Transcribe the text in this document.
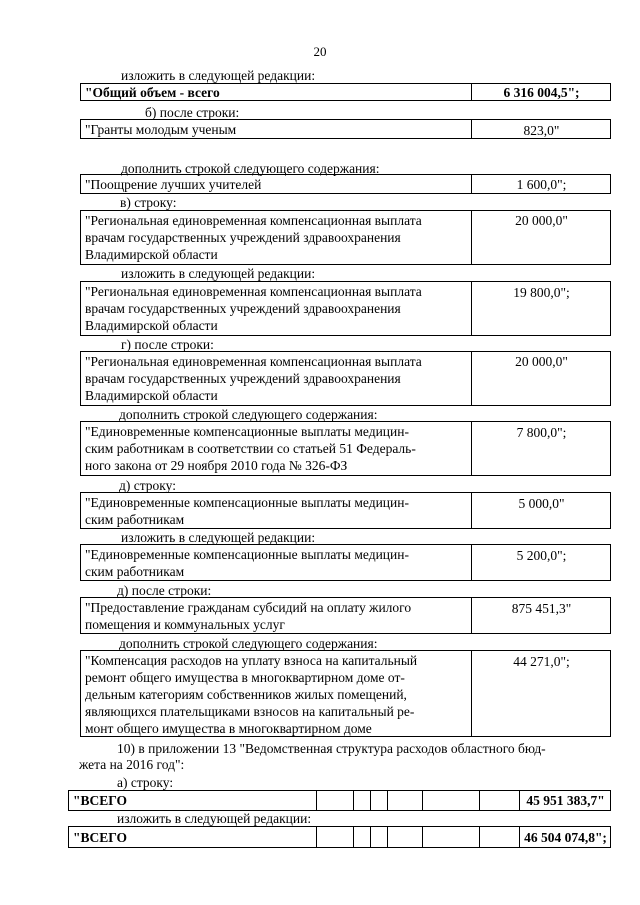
20
изложить в следующей редакции:
"Общий объем - всего	6 316 004,5";
б) после строки:
"Гранты молодым ученым	823,0"
дополнить строкой следующего содержания:
"Поощрение лучших учителей	1 600,0";
в) строку:
"Региональная единовременная компенсационная выплата
врачам государственных учреждений здравоохранения
Владимирской области
20 000,0"
изложить в следующей редакции:
"Региональная единовременная компенсационная выплата
врачам государственных учреждений здравоохранения
Владимирской области
19 800,0";
г) после строки:
"Региональная единовременная компенсационная выплата
врачам государственных учреждений здравоохранения
Владимирской области
20 000,0"
дополнить строкой следующего содержания:
"Единовременные компенсационные выплаты медицин-
ским работникам в соответствии со статьей 51 Федераль-
ного закона от 29 ноября 2010 года № 326-ФЗ
7 800,0";
д) строку:
"Единовременные компенсационные выплаты медицин-
ским работникам
5 000,0"
изложить в следующей редакции:
"Единовременные компенсационные выплаты медицин-
ским работникам
5 200,0";
д) после строки:
"Предоставление гражданам субсидий на оплату жилого
помещения и коммунальных услуг
875 451,3"
дополнить строкой следующего содержания:
"Компенсация расходов на уплату взноса на капитальный
ремонт общего имущества в многоквартирном доме от-
дельным категориям собственников жилых помещений,
являющихся плательщиками взносов на капитальный ре-
монт общего имущества в многоквартирном доме
44 271,0";
10) в приложении 13 "Ведомственная структура расходов областного бюд-
жета на 2016 год":
а) строку:
"ВСЕГО	45 951 383,7"
изложить в следующей редакции:
"ВСЕГО	46 504 074,8";
